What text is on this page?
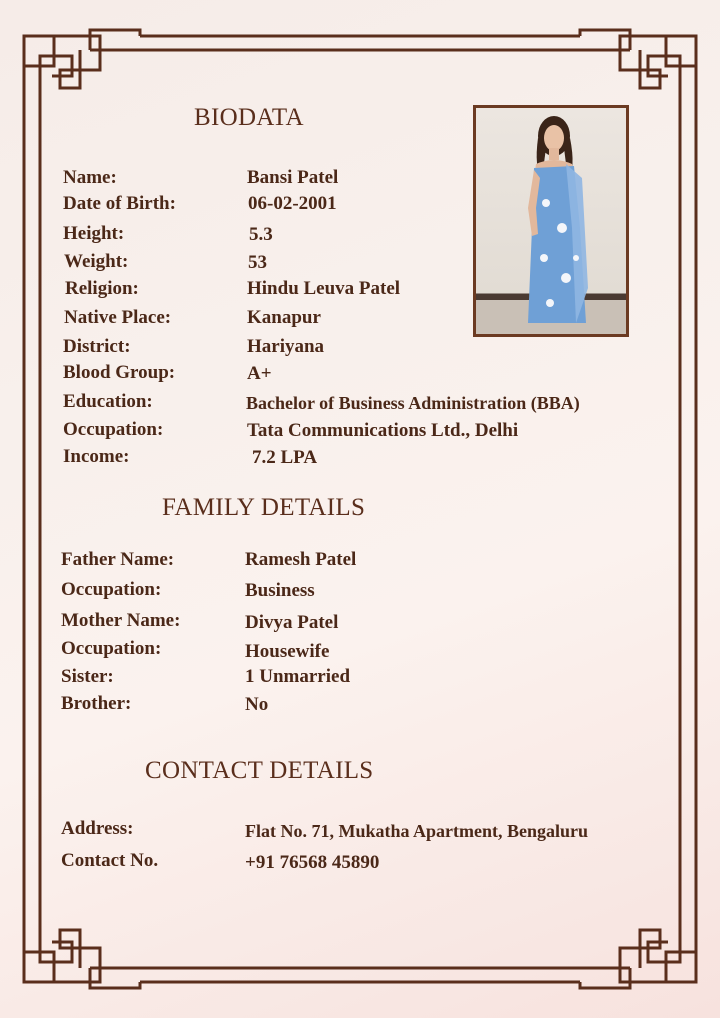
BIODATA
Name:	Bansi Patel
Date of Birth:	06-02-2001
Height:	5.3
Weight:	53
Religion:	Hindu Leuva Patel
Native Place:	Kanapur
District:	Hariyana
Blood Group:	A+
Education:	Bachelor of Business Administration (BBA)
Occupation:	Tata Communications Ltd., Delhi
Income:	7.2 LPA
FAMILY DETAILS
Father Name:	Ramesh Patel
Occupation:	Business
Mother Name:	Divya Patel
Occupation:	Housewife
Sister:	1 Unmarried
Brother:	No
CONTACT DETAILS
Address:	Flat No. 71, Mukatha Apartment, Bengaluru
Contact No.	+91 76568 45890
